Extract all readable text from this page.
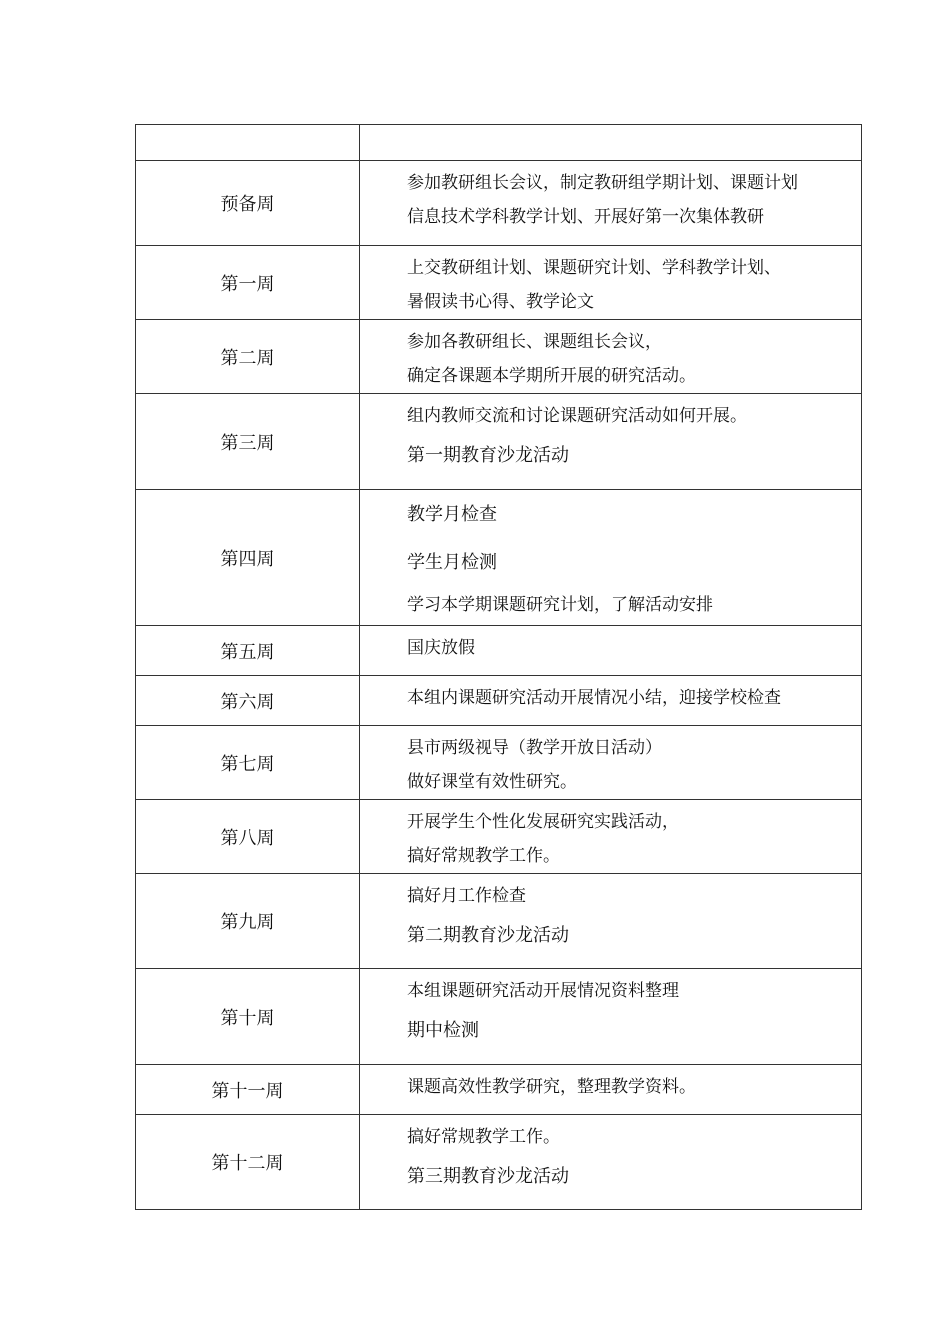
预备周	参加教研组长会议，制定教研组学期计划、课题计划
信息技术学科教学计划、开展好第一次集体教研

第一周	上交教研组计划、课题研究计划、学科教学计划、
暑假读书心得、教学论文

第二周	参加各教研组长、课题组长会议，
确定各课题本学期所开展的研究活动。

第三周	组内教师交流和讨论课题研究活动如何开展。
第一期教育沙龙活动

第四周	教学月检查
学生月检测
学习本学期课题研究计划，了解活动安排

第五周	国庆放假

第六周	本组内课题研究活动开展情况小结，迎接学校检查

第七周	县市两级视导（教学开放日活动）
做好课堂有效性研究。

第八周	开展学生个性化发展研究实践活动，
搞好常规教学工作。

第九周	搞好月工作检查
第二期教育沙龙活动

第十周	本组课题研究活动开展情况资料整理
期中检测

第十一周	课题高效性教学研究，整理教学资料。

第十二周	搞好常规教学工作。
第三期教育沙龙活动
